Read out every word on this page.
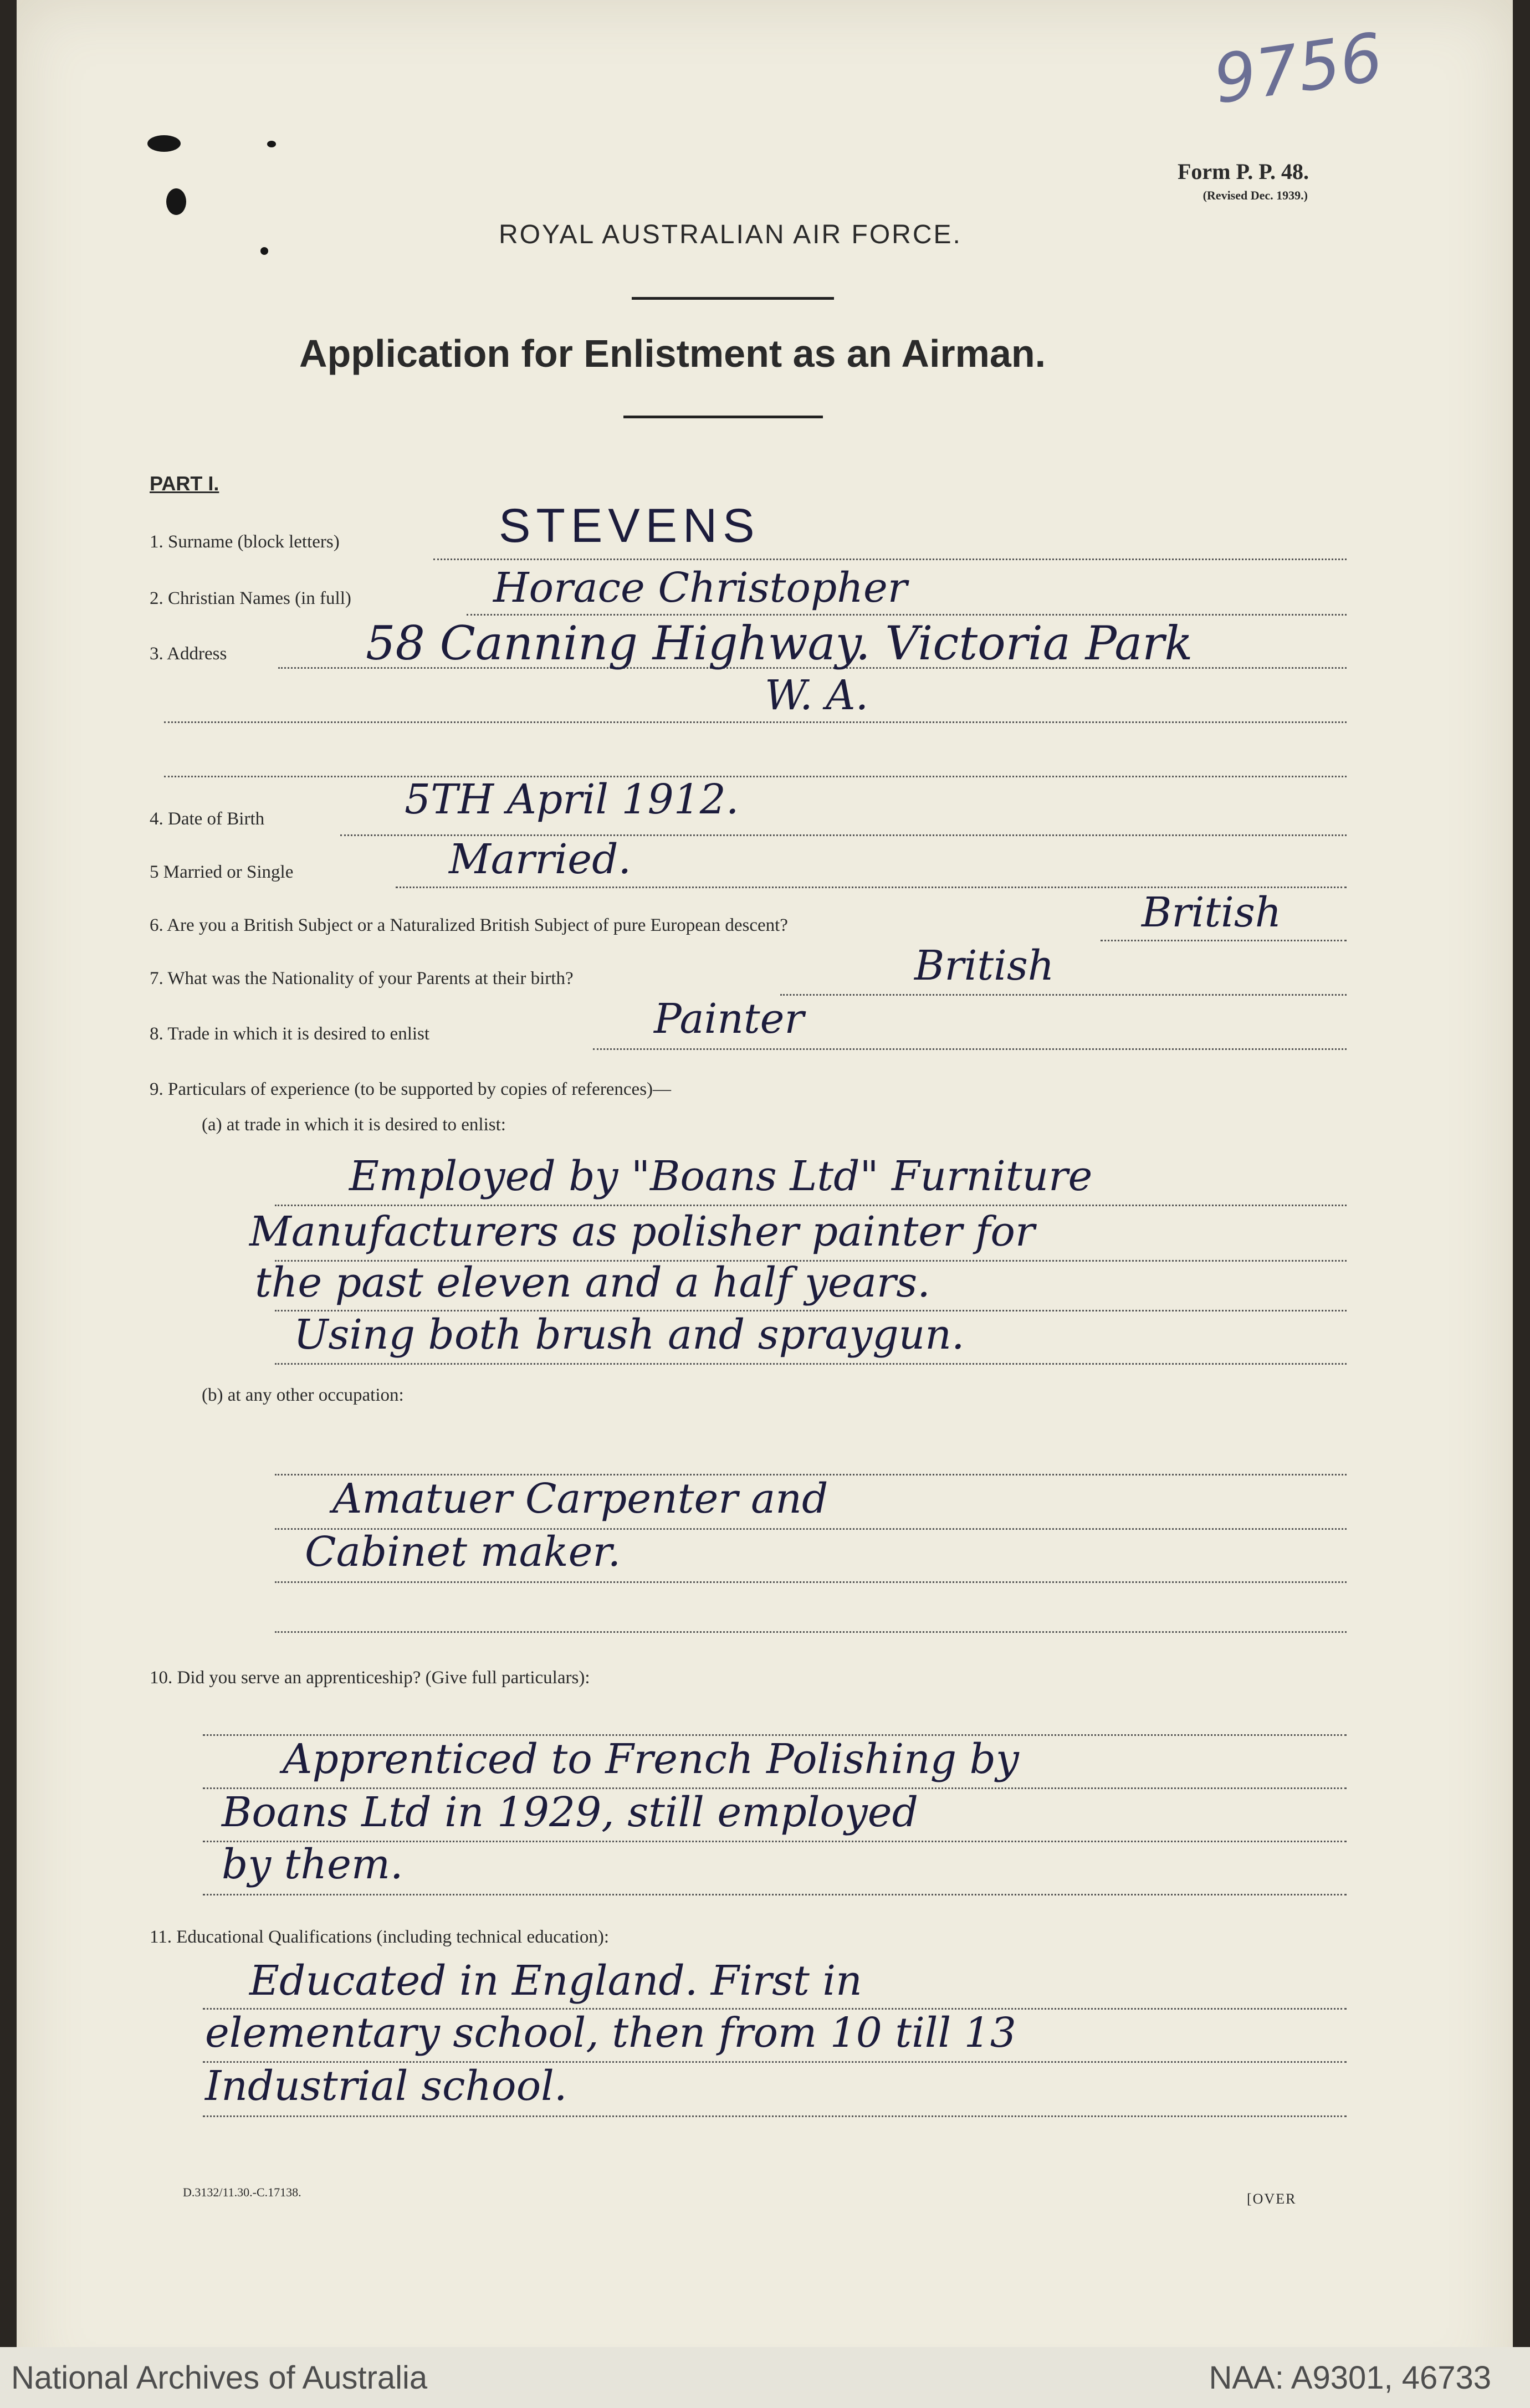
9756
Form P. P. 48.
(Revised Dec. 1939.)
ROYAL AUSTRALIAN AIR FORCE.
Application for Enlistment as an Airman.
PART I.
1. Surname (block letters)	STEVENS
2. Christian Names (in full)	Horace Christopher
3. Address	58 Canning Highway. Victoria Park
W. A.
4. Date of Birth	5TH April 1912.
5 Married or Single	Married.
6. Are you a British Subject or a Naturalized British Subject of pure European descent?	British
7. What was the Nationality of your Parents at their birth?	British
8. Trade in which it is desired to enlist	Painter
9. Particulars of experience (to be supported by copies of references)—
(a) at trade in which it is desired to enlist:
Employed by "Boans Ltd" Furniture
Manufacturers as polisher painter for
the past eleven and a half years.
Using both brush and spraygun.
(b) at any other occupation:
Amatuer Carpenter and
Cabinet maker.
10. Did you serve an apprenticeship? (Give full particulars):
Apprenticed to French Polishing by
Boans Ltd in 1929, still employed
by them.
11. Educational Qualifications (including technical education):
Educated in England. First in
elementary school, then from 10 till 13
Industrial school.
D.3132/11.30.-C.17138.	[OVER
National Archives of Australia	NAA: A9301, 46733
